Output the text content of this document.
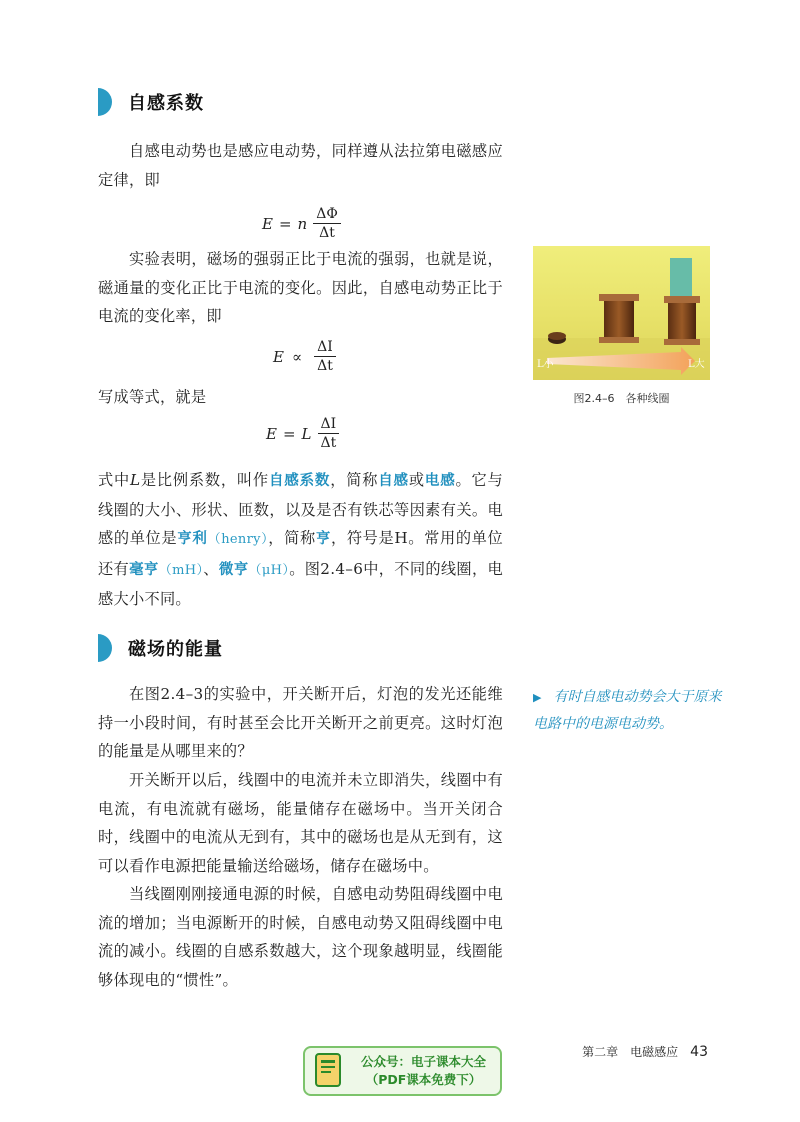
自感系数
自感电动势也是感应电动势，同样遵从法拉第电磁感应定律，即
E = n $\frac{\Delta\Phi}{\Delta t}$
实验表明，磁场的强弱正比于电流的强弱，也就是说，磁通量的变化正比于电流的变化。因此，自感电动势正比于电流的变化率，即
$E \propto \frac{\Delta I}{\Delta t}$
写成等式，就是
E = L $\frac{\Delta I}{\Delta t}$
式中L是比例系数，叫作自感系数，简称自感或电感。它与线圈的大小、形状、匝数，以及是否有铁芯等因素有关。电感的单位是亨利（henry），简称亨，符号是H。常用的单位还有毫亨（mH）、微亨（μH）。图2.4–6中，不同的线圈，电感大小不同。
L小	L大
图2.4–6　各种线圈
磁场的能量
在图2.4–3的实验中，开关断开后，灯泡的发光还能维持一小段时间，有时甚至会比开关断开之前更亮。这时灯泡的能量是从哪里来的？
开关断开以后，线圈中的电流并未立即消失，线圈中有电流，有电流就有磁场，能量储存在磁场中。当开关闭合时，线圈中的电流从无到有，其中的磁场也是从无到有，这可以看作电源把能量输送给磁场，储存在磁场中。
当线圈刚刚接通电源的时候，自感电动势阻碍线圈中电流的增加；当电源断开的时候，自感电动势又阻碍线圈中电流的减小。线圈的自感系数越大，这个现象越明显，线圈能够体现电的“惯性”。
▶ 有时自感电动势会大于原来电路中的电源电动势。
公众号：电子课本大全
（PDF课本免费下）
第二章　电磁感应 43
